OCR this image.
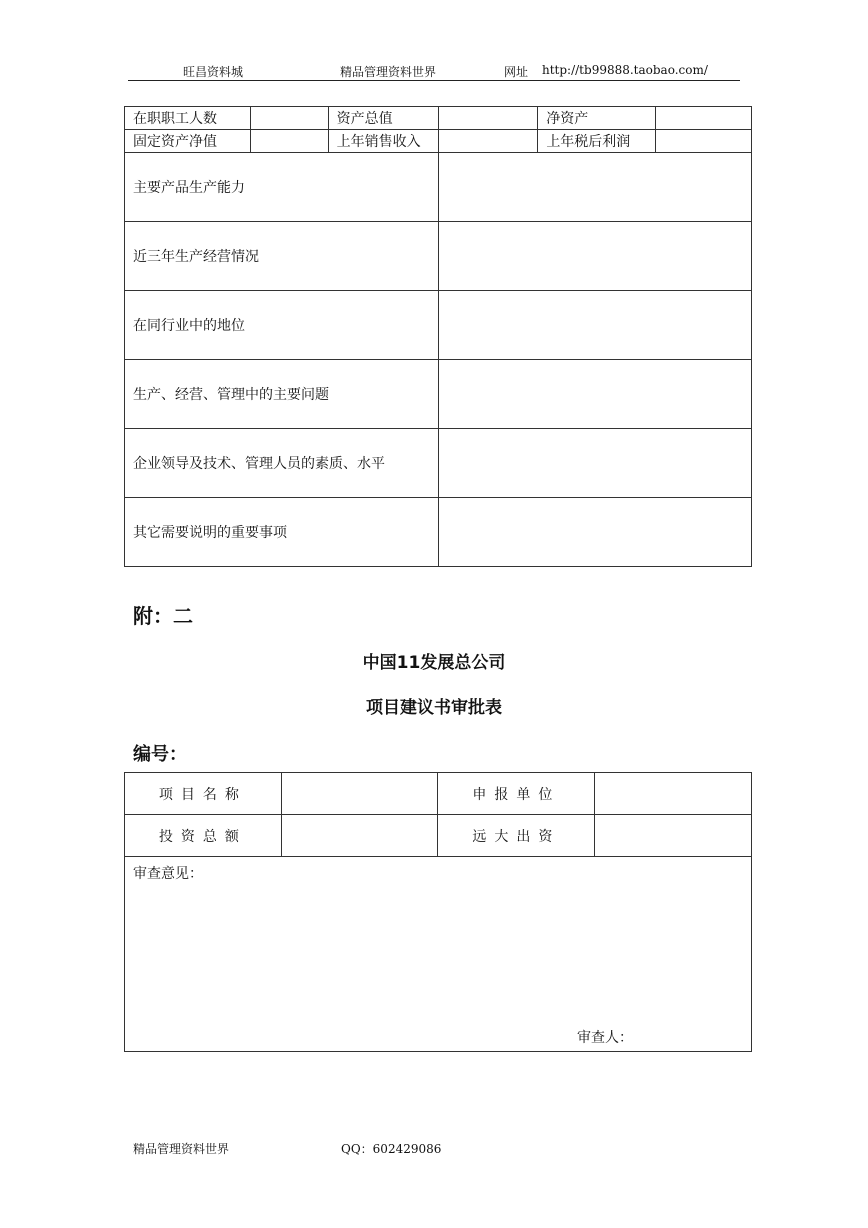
旺昌资料城	精品管理资料世界	网址 http://tb99888.taobao.com/
在职职工人数		资产总值		净资产	
固定资产净值		上年销售收入		上年税后利润	
主要产品生产能力					
近三年生产经营情况					
在同行业中的地位					
生产、经营、管理中的主要问题					
企业领导及技术、管理人员的素质、水平					
其它需要说明的重要事项					
附：二
中国11发展总公司
项目建议书审批表
编号：
项目名称		申报单位	
投资总额		远大出资	
审查意见：
审查人：			
精品管理资料世界	QQ：602429086
